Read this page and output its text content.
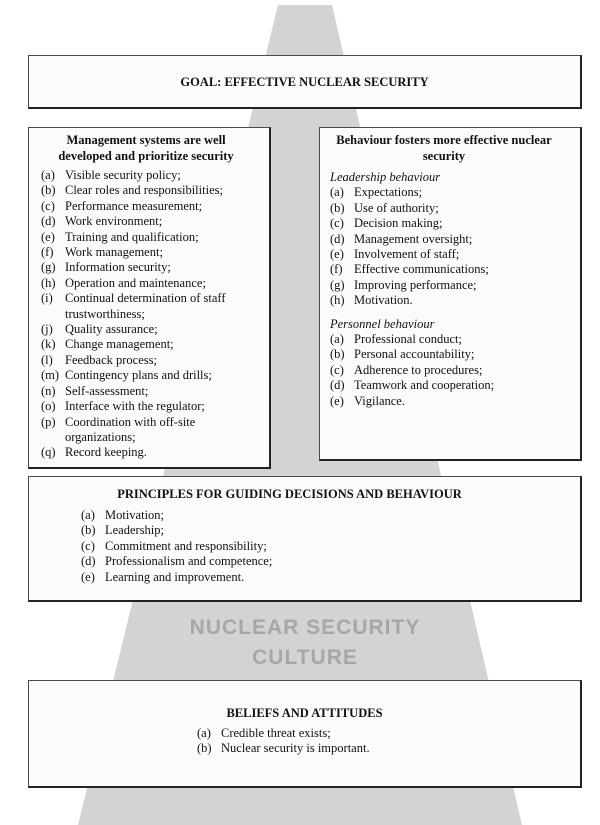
GOAL: EFFECTIVE NUCLEAR SECURITY
Management systems are well developed and prioritize security
(a) Visible security policy;
(b) Clear roles and responsibilities;
(c) Performance measurement;
(d) Work environment;
(e) Training and qualification;
(f) Work management;
(g) Information security;
(h) Operation and maintenance;
(i) Continual determination of staff trustworthiness;
(j) Quality assurance;
(k) Change management;
(l) Feedback process;
(m) Contingency plans and drills;
(n) Self-assessment;
(o) Interface with the regulator;
(p) Coordination with off-site organizations;
(q) Record keeping.
Behaviour fosters more effective nuclear security
Leadership behaviour
(a) Expectations;
(b) Use of authority;
(c) Decision making;
(d) Management oversight;
(e) Involvement of staff;
(f) Effective communications;
(g) Improving performance;
(h) Motivation.
Personnel behaviour
(a) Professional conduct;
(b) Personal accountability;
(c) Adherence to procedures;
(d) Teamwork and cooperation;
(e) Vigilance.
PRINCIPLES FOR GUIDING DECISIONS AND BEHAVIOUR
(a) Motivation;
(b) Leadership;
(c) Commitment and responsibility;
(d) Professionalism and competence;
(e) Learning and improvement.
NUCLEAR SECURITY
CULTURE
BELIEFS AND ATTITUDES
(a) Credible threat exists;
(b) Nuclear security is important.
